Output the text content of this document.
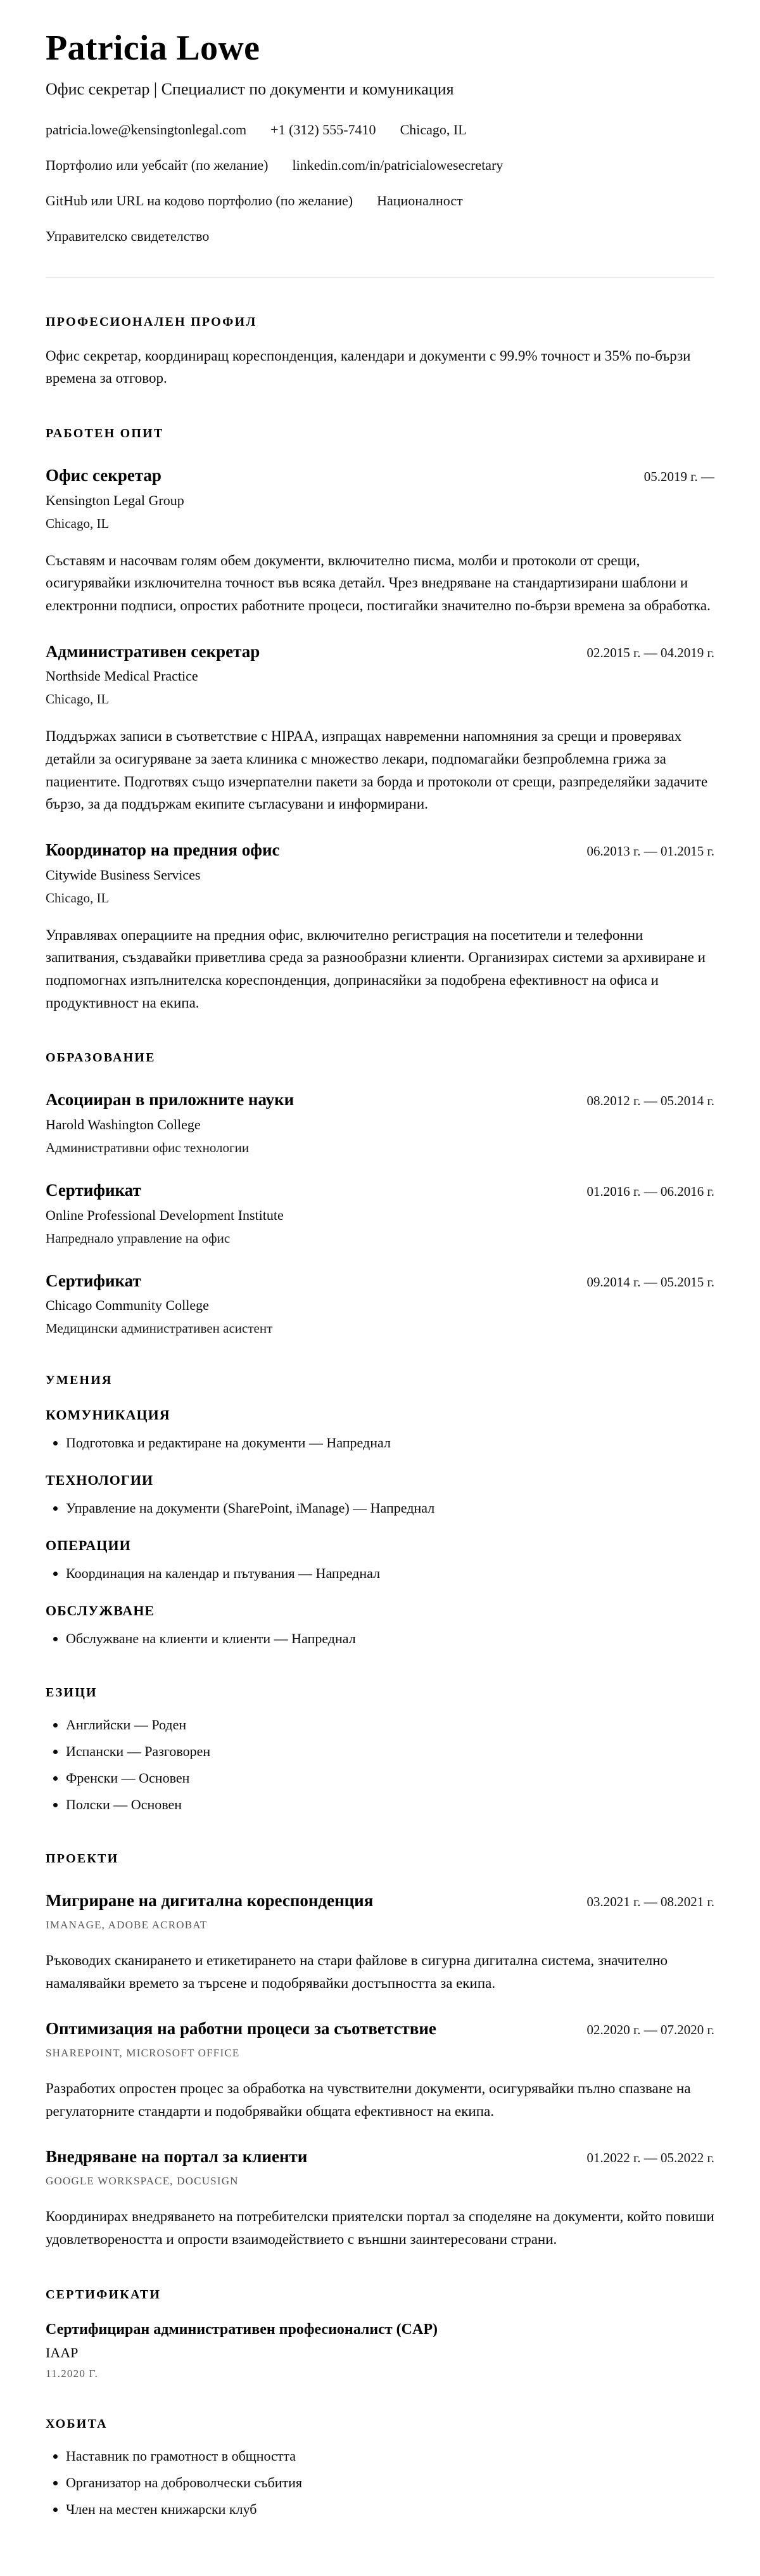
Patricia Lowe
Офис секретар | Специалист по документи и комуникация
patricia.lowe@kensingtonlegal.com +1 (312) 555-7410 Chicago, IL
Портфолио или уебсайт (по желание) linkedin.com/in/patricialowesecretary
GitHub или URL на кодово портфолио (по желание) Националност
Управителско свидетелство
ПРОФЕСИОНАЛЕН ПРОФИЛ

Офис секретар, координиращ кореспонденция, календари и документи с 99.9% точност и 35% по-бързи времена за отговор.

РАБОТЕН ОПИТ
Офис секретар	05.2019 г. —
Kensington Legal Group
Chicago, IL

Съставям и насочвам голям обем документи, включително писма, молби и протоколи от срещи, осигурявайки изключителна точност във всяка детайл. Чрез внедряване на стандартизирани шаблони и електронни подписи, опростих работните процеси, постигайки значително по-бързи времена за обработка.

Административен секретар	02.2015 г. — 04.2019 г.
Northside Medical Practice
Chicago, IL

Поддържах записи в съответствие с HIPAA, изпращах навременни напомняния за срещи и проверявах детайли за осигуряване за заета клиника с множество лекари, подпомагайки безпроблемна грижа за пациентите. Подготвях също изчерпателни пакети за борда и протоколи от срещи, разпределяйки задачите бързо, за да поддържам екипите съгласувани и информирани.

Координатор на предния офис	06.2013 г. — 01.2015 г.
Citywide Business Services
Chicago, IL

Управлявах операциите на предния офис, включително регистрация на посетители и телефонни запитвания, създавайки приветлива среда за разнообразни клиенти. Организирах системи за архивиране и подпомогнах изпълнителска кореспонденция, допринасяйки за подобрена ефективност на офиса и продуктивност на екипа.

ОБРАЗОВАНИЕ
Асоцииран в приложните науки	08.2012 г. — 05.2014 г.
Harold Washington College
Административни офис технологии
Сертификат	01.2016 г. — 06.2016 г.
Online Professional Development Institute
Напреднало управление на офис
Сертификат	09.2014 г. — 05.2015 г.
Chicago Community College
Медицински административен асистент
УМЕНИЯ
КОМУНИКАЦИЯ
• Подготовка и редактиране на документи — Напреднал
ТЕХНОЛОГИИ
• Управление на документи (SharePoint, iManage) — Напреднал
ОПЕРАЦИИ
• Координация на календар и пътувания — Напреднал
ОБСЛУЖВАНЕ
• Обслужване на клиенти и клиенти — Напреднал
ЕЗИЦИ
• Английски — Роден
• Испански — Разговорен
• Френски — Основен
• Полски — Основен
ПРОЕКТИ
Мигриране на дигитална кореспонденция	03.2021 г. — 08.2021 г.
IMANAGE, ADOBE ACROBAT

Ръководих сканирането и етикетирането на стари файлове в сигурна дигитална система, значително намалявайки времето за търсене и подобрявайки достъпността за екипа.

Оптимизация на работни процеси за съответствие	02.2020 г. — 07.2020 г.
SHAREPOINT, MICROSOFT OFFICE

Разработих опростен процес за обработка на чувствителни документи, осигурявайки пълно спазване на регулаторните стандарти и подобрявайки общата ефективност на екипа.

Внедряване на портал за клиенти	01.2022 г. — 05.2022 г.
GOOGLE WORKSPACE, DOCUSIGN

Координирах внедряването на потребителски приятелски портал за споделяне на документи, който повиши удовлетвореността и опрости взаимодействието с външни заинтересовани страни.

СЕРТИФИКАТИ
Сертифициран административен професионалист (CAP)
IAAP
11.2020 Г.
ХОБИТА
• Наставник по грамотност в общността
• Организатор на доброволчески събития
• Член на местен книжарски клуб
